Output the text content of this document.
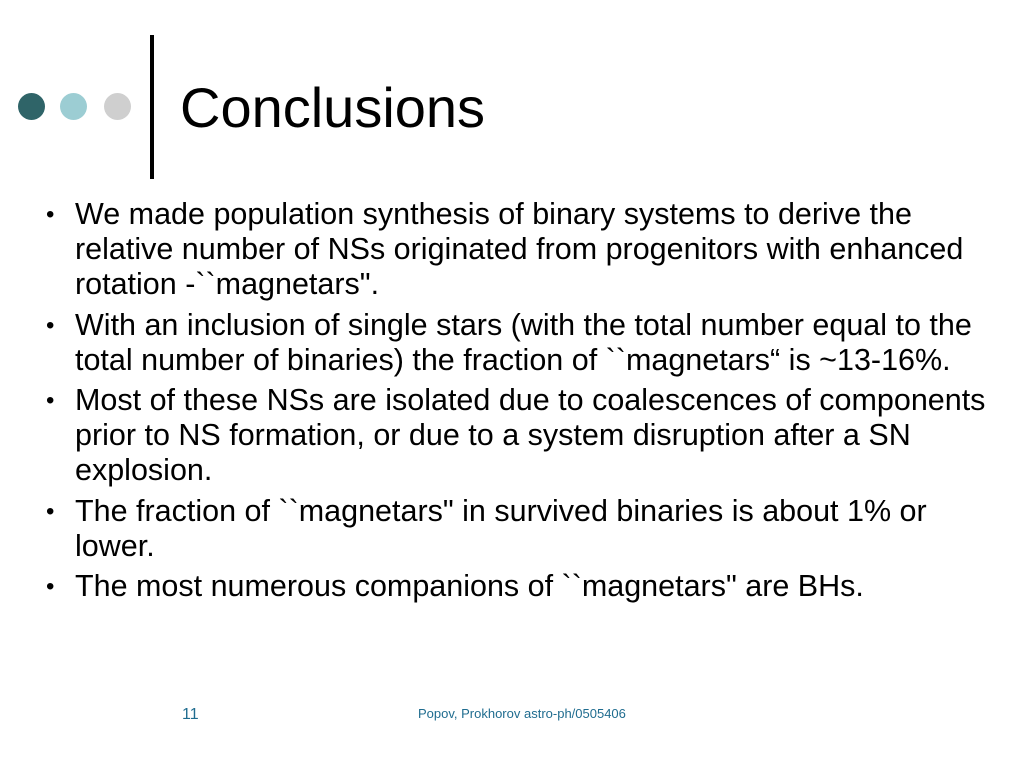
Conclusions
• We made population synthesis of binary systems to derive the relative number of NSs originated from progenitors with enhanced rotation -``magnetars".
• With an inclusion of single stars (with the total number equal to the total number of binaries) the fraction of ``magnetars“ is ~13-16%.
• Most of these NSs are isolated due to coalescences of components prior to NS formation, or due to a system disruption after a SN explosion.
• The fraction of ``magnetars" in survived binaries is about 1% or lower.
• The most numerous companions of ``magnetars" are BHs.
11	Popov, Prokhorov astro-ph/0505406
